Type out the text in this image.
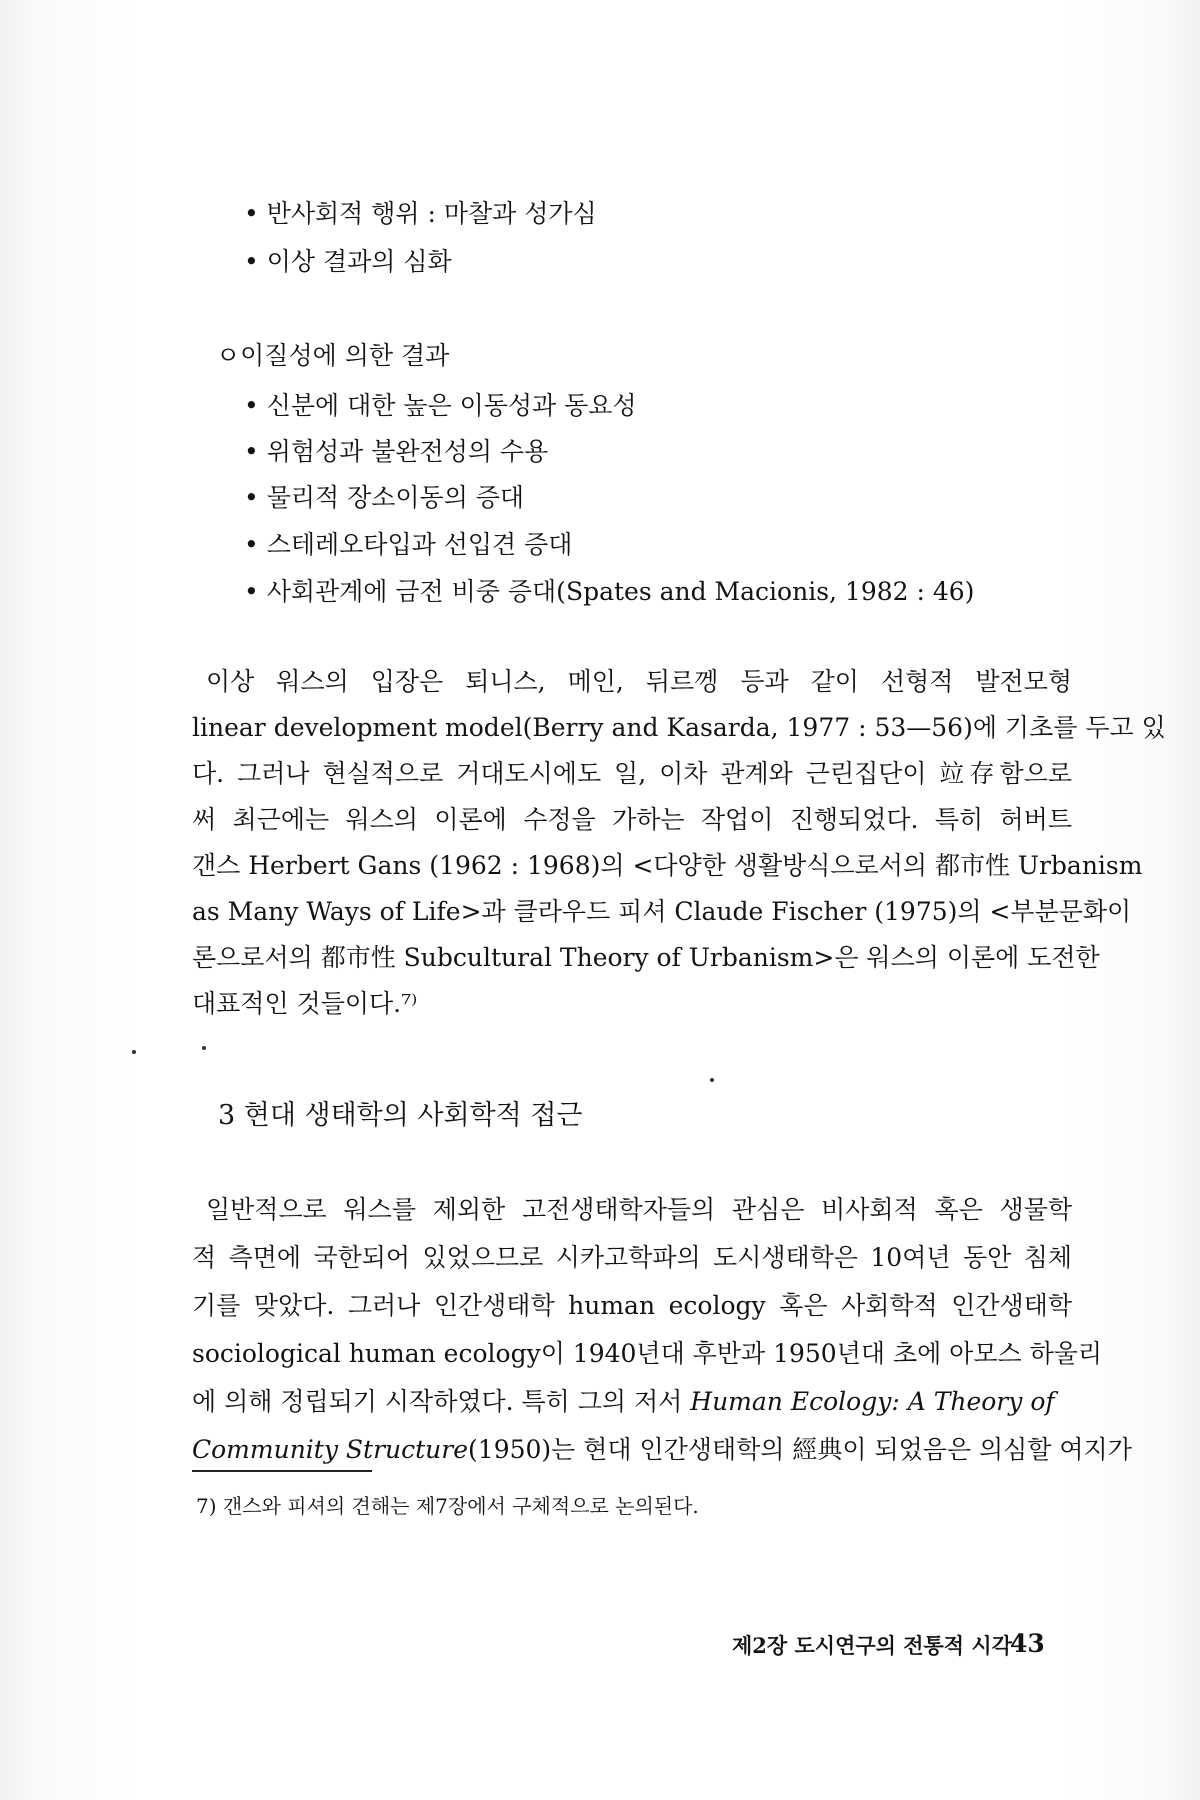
• 반사회적 행위 : 마찰과 성가심
• 이상 결과의 심화
ㅇ이질성에 의한 결과
• 신분에 대한 높은 이동성과 동요성
• 위험성과 불완전성의 수용
• 물리적 장소이동의 증대
• 스테레오타입과 선입견 증대
• 사회관계에 금전 비중 증대(Spates and Macionis, 1982 : 46)
이상 워스의 입장은 퇴니스, 메인, 뒤르껭 등과 같이 선형적 발전모형
linear development model(Berry and Kasarda, 1977 : 53—56)에 기초를 두고 있
다. 그러나 현실적으로 거대도시에도 일, 이차 관계와 근린집단이 竝存함으로
써 최근에는 워스의 이론에 수정을 가하는 작업이 진행되었다. 특히 허버트
갠스 Herbert Gans (1962 : 1968)의 <다양한 생활방식으로서의 都市性 Urbanism
as Many Ways of Life>과 클라우드 피셔 Claude Fischer (1975)의 <부분문화이
론으로서의 都市性 Subcultural Theory of Urbanism>은 워스의 이론에 도전한
대표적인 것들이다.⁷⁾
3 현대 생태학의 사회학적 접근
일반적으로 워스를 제외한 고전생태학자들의 관심은 비사회적 혹은 생물학
적 측면에 국한되어 있었으므로 시카고학파의 도시생태학은 10여년 동안 침체
기를 맞았다. 그러나 인간생태학 human ecology 혹은 사회학적 인간생태학
sociological human ecology이 1940년대 후반과 1950년대 초에 아모스 하울리
에 의해 정립되기 시작하였다. 특히 그의 저서 Human Ecology: A Theory of
Community Structure(1950)는 현대 인간생태학의 經典이 되었음은 의심할 여지가
7) 갠스와 피셔의 견해는 제7장에서 구체적으로 논의된다.
제2장 도시연구의 전통적 시각
43
